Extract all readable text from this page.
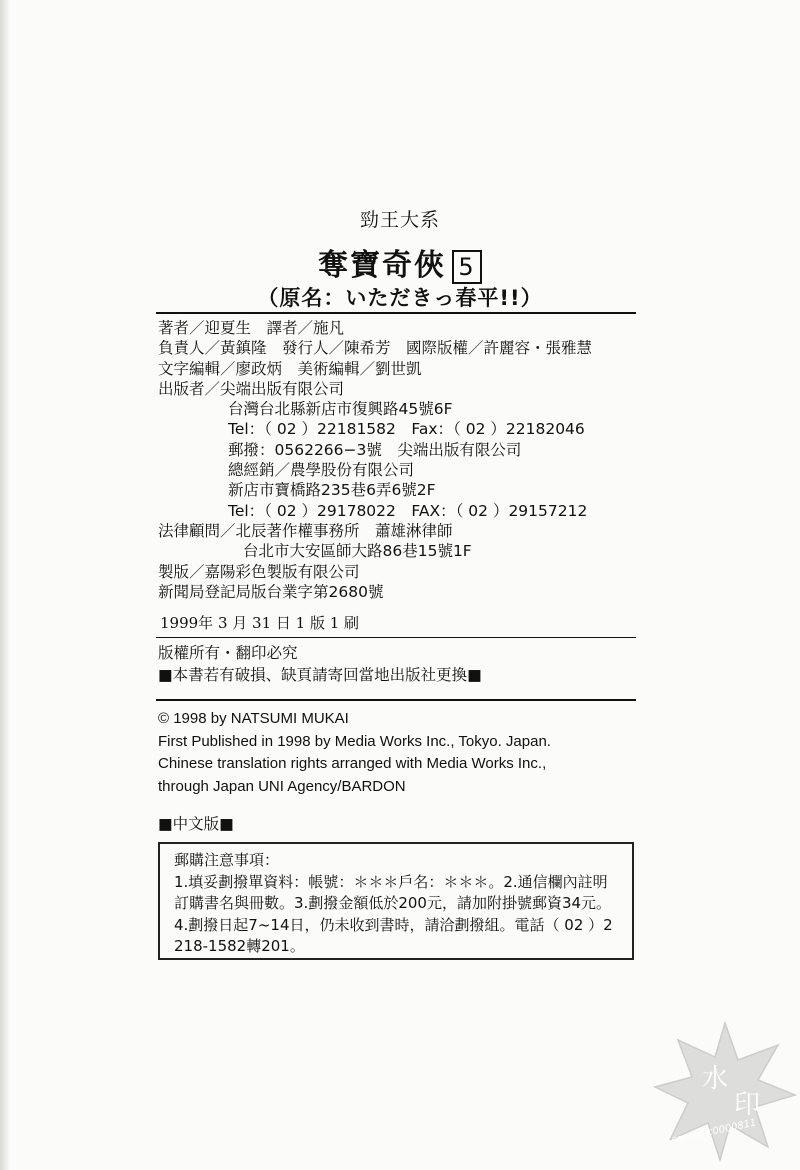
勁王大系
奪寶奇俠 5
（原名：いただきっ春平!!）
著者／迎夏生　譯者／施凡
負責人／黃鎮隆　發行人／陳希芳　國際版權／許麗容・張雅慧
文字編輯／廖政炳　美術編輯／劉世凱
出版者／尖端出版有限公司
台灣台北縣新店市復興路45號6F
Tel：（ 02 ）22181582　Fax：（ 02 ）22182046
郵撥：0562266−3號　尖端出版有限公司
總經銷／農學股份有限公司
新店市寶橋路235巷6弄6號2F
Tel：（ 02 ）29178022　FAX：（ 02 ）29157212
法律顧問／北辰著作權事務所　蕭雄淋律師
台北市大安區師大路86巷15號1F
製版／嘉陽彩色製版有限公司
新聞局登記局版台業字第2680號
1999年 3 月 31 日 1 版 1 刷
版權所有・翻印必究
■本書若有破損、缺頁請寄回當地出版社更換■
© 1998 by NATSUMI MUKAI
First Published in 1998 by Media Works Inc., Tokyo. Japan.
Chinese translation rights arranged with Media Works Inc.,
through Japan UNI Agency/BARDON
■中文版■
郵購注意事項：
1.填妥劃撥單資料：帳號：＊＊＊戶名：＊＊＊。2.通信欄內註明訂購書名與冊數。3.劃撥金額低於200元，請加附掛號郵資34元。4.劃撥日起7~14日，仍未收到書時，請洽劃撥組。電話（ 02 ）2218-1582轉201。
水
印
Scan by c0000811
